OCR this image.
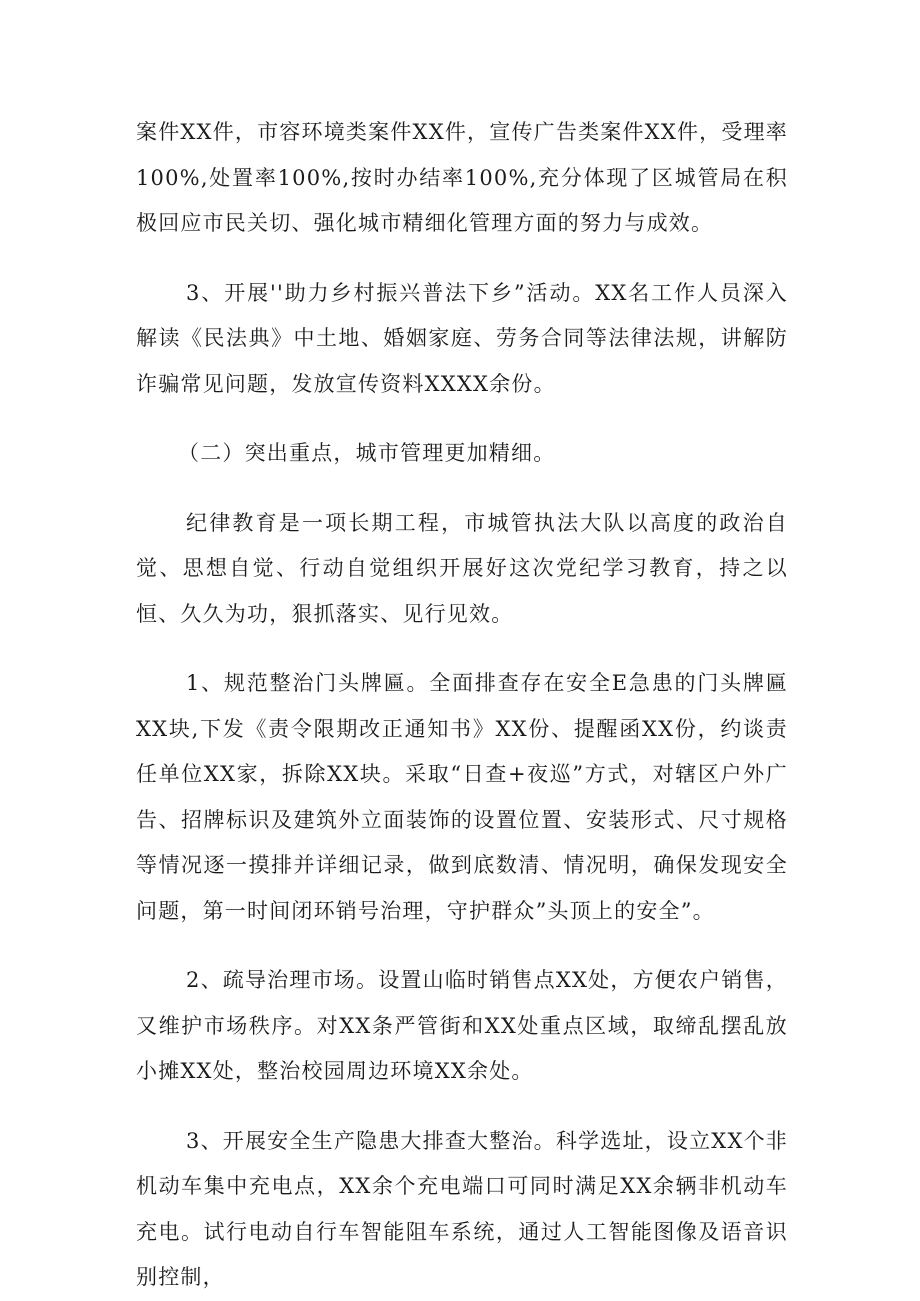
案件XX件，市容环境类案件XX件，宣传广告类案件XX件，受理率100%,处置率100%,按时办结率100%,充分体现了区城管局在积极回应市民关切、强化城市精细化管理方面的努力与成效。

3、开展''助力乡村振兴普法下乡”活动。XX名工作人员深入解读《民法典》中土地、婚姻家庭、劳务合同等法律法规，讲解防诈骗常见问题，发放宣传资料XXXX余份。

（二）突出重点，城市管理更加精细。

纪律教育是一项长期工程，市城管执法大队以高度的政治自觉、思想自觉、行动自觉组织开展好这次党纪学习教育，持之以恒、久久为功，狠抓落实、见行见效。

1、规范整治门头牌匾。全面排查存在安全E急患的门头牌匾XX块,下发《责令限期改正通知书》XX份、提醒函XX份，约谈责任单位XX家，拆除XX块。采取“日查+夜巡”方式，对辖区户外广告、招牌标识及建筑外立面装饰的设置位置、安装形式、尺寸规格等情况逐一摸排并详细记录，做到底数清、情况明，确保发现安全问题，第一时间闭环销号治理，守护群众”头顶上的安全”。

2、疏导治理市场。设置山临时销售点XX处，方便农户销售，又维护市场秩序。对XX条严管街和XX处重点区域，取缔乱摆乱放小摊XX处，整治校园周边环境XX余处。

3、开展安全生产隐患大排查大整治。科学选址，设立XX个非机动车集中充电点，XX余个充电端口可同时满足XX余辆非机动车充电。试行电动自行车智能阻车系统，通过人工智能图像及语音识别控制，
